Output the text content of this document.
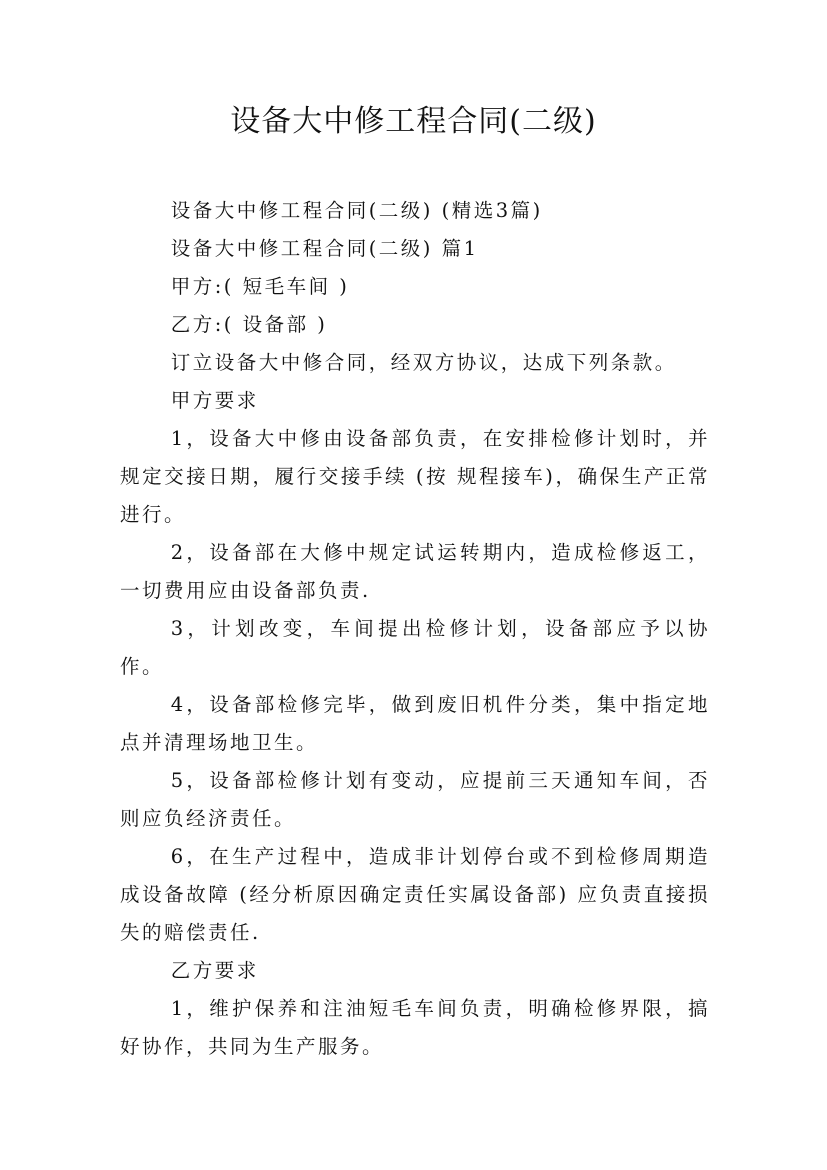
设备大中修工程合同(二级)

设备大中修工程合同(二级) (精选3篇)

设备大中修工程合同(二级) 篇1

甲方:( 短毛车间 )

乙方:( 设备部 )

订立设备大中修合同，经双方协议，达成下列条款。

甲方要求

1，设备大中修由设备部负责，在安排检修计划时，并规定交接日期，履行交接手续 (按 规程接车)，确保生产正常进行。

2，设备部在大修中规定试运转期内，造成检修返工，一切费用应由设备部负责.

3，计划改变，车间提出检修计划，设备部应予以协作。

4，设备部检修完毕，做到废旧机件分类，集中指定地点并清理场地卫生。

5，设备部检修计划有变动，应提前三天通知车间，否则应负经济责任。

6，在生产过程中，造成非计划停台或不到检修周期造成设备故障 (经分析原因确定责任实属设备部) 应负责直接损失的赔偿责任.

乙方要求

1，维护保养和注油短毛车间负责，明确检修界限，搞好协作，共同为生产服务。
